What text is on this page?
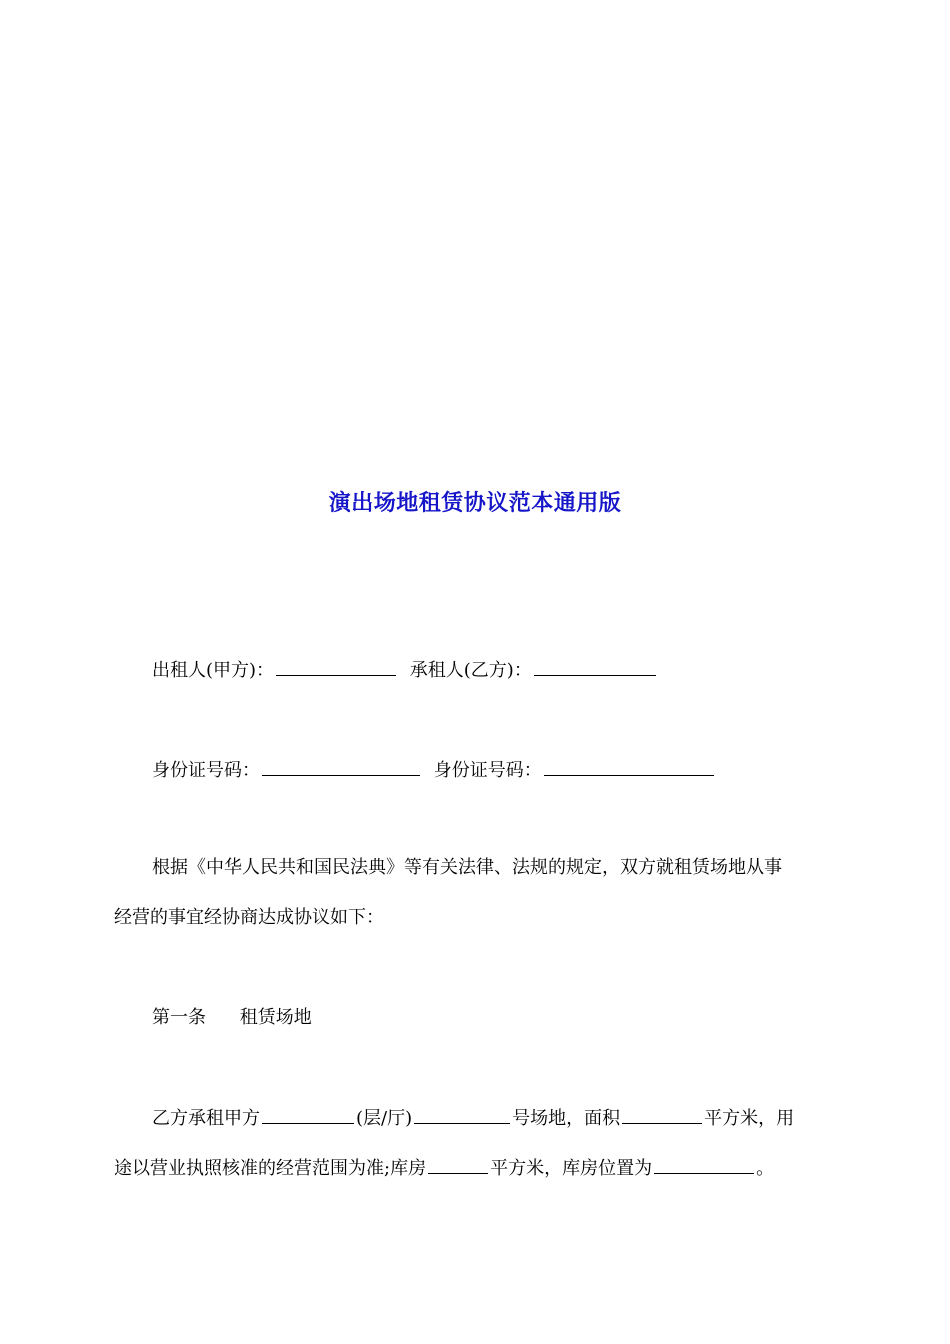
演出场地租赁协议范本通用版
出租人(甲方)：	承租人(乙方)：
身份证号码：	身份证号码：
根据《中华人民共和国民法典》等有关法律、法规的规定，双方就租赁场地从事
经营的事宜经协商达成协议如下：
第一条 租赁场地
乙方承租甲方	(层/厅)	号场地，面积	平方米，用
途以营业执照核准的经营范围为准;库房	平方米，库房位置为	。
